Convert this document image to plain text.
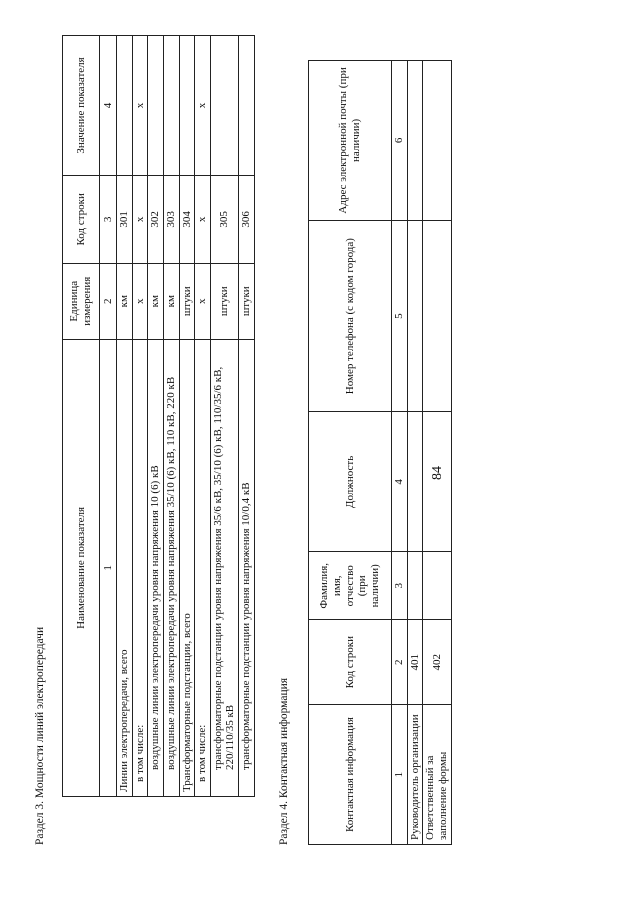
84
Раздел 3. Мощности линий электропередачи
Наименование показателя	Единица измерения	Код строки	Значение показателя
1	2	3	4
Линии электропередачи, всего	км	301	
в том числе:	x	x	x
воздушные линии электропередачи уровня напряжения 10 (6) кВ	км	302	
воздушные линии электропередачи уровня напряжения 35/10 (6) кВ, 110 кВ, 220 кВ	км	303	
Трансформаторные подстанции, всего	штуки	304	
в том числе:	x	x	x
трансформаторные подстанции уровня напряжения 35/6 кВ, 35/10 (6) кВ, 110/35/6 кВ, 220/110/35 кВ	штуки	305	
трансформаторные подстанции уровня напряжения 10/0,4 кВ	штуки	306	
Раздел 4. Контактная информация	Контактная информация	Код строки	Фамилия, имя, отчество (при наличии)	Должность	Номер телефона (с кодом города)	Адрес электронной почты (при наличии)
1	2	3	4	5	6
Руководитель организации	401				
Ответственный за заполнение формы	402				
